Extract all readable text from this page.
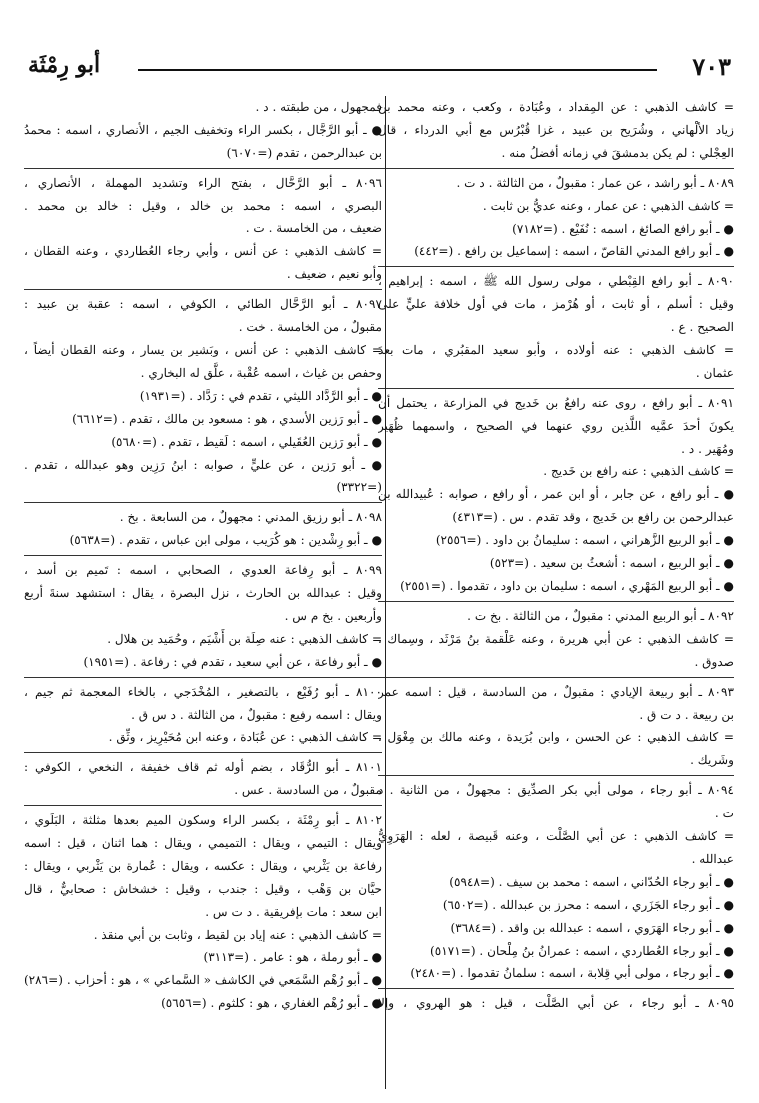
٧٠٣
أبو رِمْثَة
= كاشف الذهبي : عن المِقداد ، وعُبَادة ، وكعب ، وعنه محمد بن
زياد الألْهاني ، وشُرَيح بن عبيد ، غزا قُبْرُس مع أبي الدرداء ، قال
العِجْلي : لم يكن بدمشقَ في زمانه أفضلُ منه .
٨٠٨٩ ـ أبو راشد ، عن عمار : مقبولٌ ، من الثالثة . د ت .
= كاشف الذهبي : عن عمار ، وعنه عديُّ بن ثابت .
● ـ أبو رافع الصائغ ، اسمه : نُفَيْع . (=٧١٨٢)
● ـ أبو رافع المدني القاصّ ، اسمه : إسماعيل بن رافع . (=٤٤٢)
٨٠٩٠ ـ أبو رافع القِبْطي ، مولى رسول الله ﷺ ، اسمه : إبراهيم ،
وقيل : أسلم ، أو ثابت ، أو هُرْمز ، مات في أول خلافة عليٍّ على
الصحيح . ع .
= كاشف الذهبي : عنه أولاده ، وأبو سعيد المقبُري ، مات بعدَ
عثمان .
٨٠٩١ ـ أبو رافع ، روى عنه رافعُ بن خَديج في المزارعة ، يحتمل أن
يكونَ أحدَ عمَّيه اللَّذين روي عنهما في الصحيح ، واسمهما ظُهَير
ومُهَير . د .
= كاشف الذهبي : عنه رافع بن خَديج .
● ـ أبو رافع ، عن جابر ، أو ابن عمر ، أو رافع ، صوابه : عُبيدالله بن
عبدالرحمن بن رافع بن خَديج ، وقد تقدم . س . (=٤٣١٣)
● ـ أبو الربيع الزَّهراني ، اسمه : سليمانُ بن داود . (=٢٥٥٦)
● ـ أبو الربيع ، اسمه : أشعثُ بن سعيد . (=٥٢٣)
● ـ أبو الربيع المَهْري ، اسمه : سليمان بن داود ، تقدموا . (=٢٥٥١)
٨٠٩٢ ـ أبو الربيع المدني : مقبولٌ ، من الثالثة . بخ ت .
= كاشف الذهبي : عن أبي هريرة ، وعنه عَلْقمة بنُ مَرْثَد ، وسِماك ،
صدوق .
٨٠٩٣ ـ أبو ربيعة الإيادي : مقبولٌ ، من السادسة ، قيل : اسمه عمر
بن ربيعة . د ت ق .
= كاشف الذهبي : عن الحسن ، وابن بُرَيدة ، وعنه مالك بن مِغْوَل ،
وشَريك .
٨٠٩٤ ـ أبو رجاء ، مولى أبي بكر الصدِّيق : مجهولٌ ، من الثانية . د
ت .
= كاشف الذهبي : عن أبي الصَّلْت ، وعنه قَبيصة ، لعله : الهَرَوِيُّ
عبدالله .
● ـ أبو رجاء الحُدّاني ، اسمه : محمد بن سيف . (=٥٩٤٨)
● ـ أبو رجاء الجَزَري ، اسمه : محرز بن عبدالله . (=٦٥٠٢)
● ـ أبو رجاء الهَرَوي ، اسمه : عبدالله بن واقد . (=٣٦٨٤)
● ـ أبو رجاء العُطاردي ، اسمه : عمرانُ بنُ مِلْحان . (=٥١٧١)
● ـ أبو رجاء ، مولى أبي قِلابة ، اسمه : سلمانُ تقدموا . (=٢٤٨٠)
٨٠٩٥ ـ أبو رجاء ، عن أبي الصَّلْت ، قيل : هو الهروي ، وإلا
فمجهول ، من طبقته . د .
● ـ أبو الرَّجَّال ، بكسر الراء وتخفيف الجيم ، الأنصاري ، اسمه : محمدُ
بن عبدالرحمن ، تقدم (=٦٠٧٠)
٨٠٩٦ ـ أبو الرَّحَّال ، بفتح الراء وتشديد المهملة ، الأنصاري ،
البصري ، اسمه : محمد بن خالد ، وقيل : خالد بن محمد .
ضعيف ، من الخامسة . ت .
= كاشف الذهبي : عن أنس ، وأبي رجاء العُطاردي ، وعنه القطان ،
وأبو نعيم ، ضعيف .
٨٠٩٧ ـ أبو الرَّحَّال الطائي ، الكوفي ، اسمه : عقبة بن عبيد :
مقبولٌ ، من الخامسة . خت .
= كاشف الذهبي : عن أنس ، وبَشير بن يسار ، وعنه القطان أيضاً ،
وحفص بن غياث ، اسمه عُقْبة ، علَّق له البخاري .
● ـ أبو الرَّدَّاد الليثي ، تقدم في : رَدَّاد . (=١٩٣١)
● ـ أبو رَزين الأسدي ، هو : مسعود بن مالك ، تقدم . (=٦٦١٢)
● ـ أبو رَزين العُقَيلي ، اسمه : لَقيط ، تقدم . (=٥٦٨٠)
● ـ أبو رَزين ، عن عليٍّ ، صوابه : ابنُ رَزِين وهو عبدالله ، تقدم .
(=٣٣٢٢)
٨٠٩٨ ـ أبو رزيق المدني : مجهولٌ ، من السابعة . بخ .
● ـ أبو رِشْدين : هو كُرَيب ، مولى ابن عباس ، تقدم . (=٥٦٣٨)
٨٠٩٩ ـ أبو رِفاعة العدوي ، الصحابي ، اسمه : تَميم بن أسد ،
وقيل : عبدالله بن الحارث ، نزل البصرة ، يقال : استشهد سنةَ أربع
وأربعين . بخ م س .
= كاشف الذهبي : عنه صِلَة بن أَشْيَم ، وحُمَيد بن هلال .
● ـ أبو رفاعة ، عن أبي سعيد ، تقدم في : رفاعة . (=١٩٥١)
٨١٠٠ ـ أبو رُفَيْع ، بالتصغير ، المُخْدَجي ، بالخاء المعجمة ثم جيم ،
ويقال : اسمه رفيع : مقبولٌ ، من الثالثة . د س ق .
= كاشف الذهبي : عن عُبَادة ، وعنه ابن مُحَيْرِيز ، وثِّق .
٨١٠١ ـ أبو الرُّقَاد ، بضم أوله ثم قاف خفيفة ، النخعي ، الكوفي :
مقبولٌ ، من السادسة . عس .
٨١٠٢ ـ أبو رِمْثَة ، بكسر الراء وسكون الميم بعدها مثلثة ، البَلَوي ،
ويقال : التيمي ، ويقال : التميمي ، ويقال : هما اثنان ، قيل : اسمه
رفاعة بن يَثْربي ، ويقال : عكسه ، ويقال : عُمارة بن يَثْربي ، ويقال :
حيَّان بن وَهْب ، وقيل : جندب ، وقيل : خشخاش : صحابيٌّ ، قال
ابن سعد : مات بإفريقية . د ت س .
= كاشف الذهبي : عنه إياد بن لقيط ، وثابت بن أبي منقذ .
● ـ أبو رملة ، هو : عامر . (=٣١١٣)
● ـ أبو رُهْم السَّمَعي في الكاشف « السَّماعي » ، هو : أحزاب . (=٢٨٦)
● ـ أبو رُهْم الغفاري ، هو : كلثوم . (=٥٦٥٦)
